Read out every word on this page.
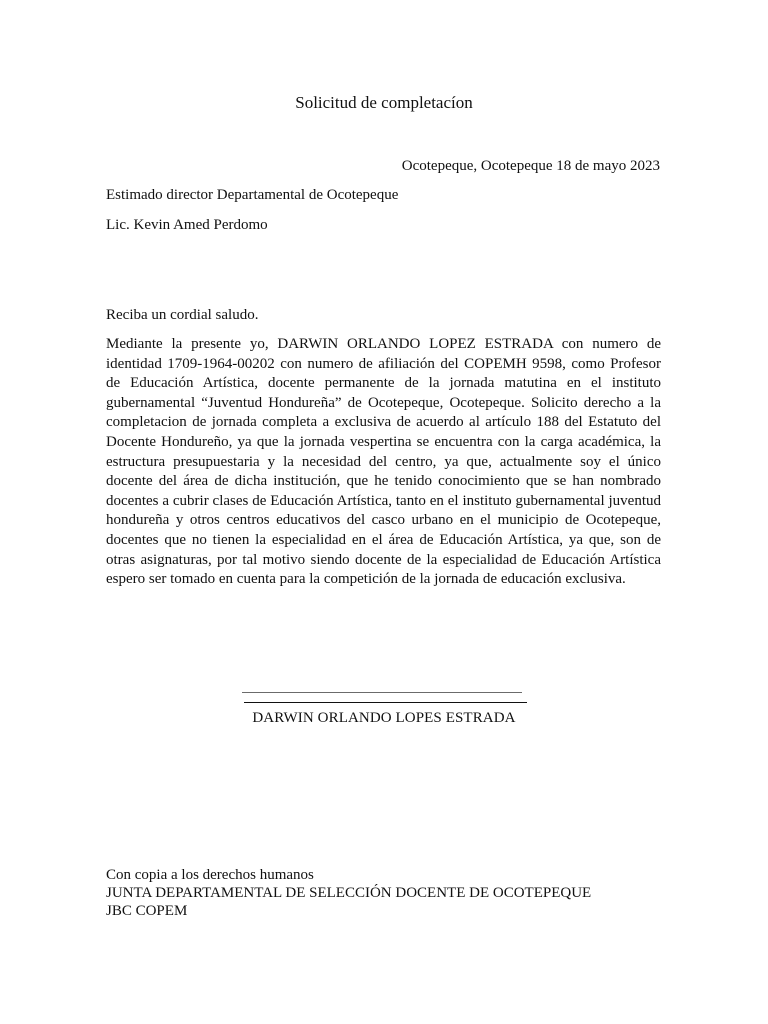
Solicitud de completacíon
Ocotepeque, Ocotepeque 18 de mayo 2023
Estimado director Departamental de Ocotepeque
Lic. Kevin Amed Perdomo
Reciba un cordial saludo.

Mediante la presente yo, DARWIN ORLANDO LOPEZ ESTRADA con numero de identidad 1709-1964-00202 con numero de afiliación del COPEMH 9598, como Profesor de Educación Artística, docente permanente de la jornada matutina en el instituto gubernamental “Juventud Hondureña” de Ocotepeque, Ocotepeque. Solicito derecho a la completacion de jornada completa a exclusiva de acuerdo al artículo 188 del Estatuto del Docente Hondureño, ya que la jornada vespertina se encuentra con la carga académica, la estructura presupuestaria y la necesidad del centro, ya que, actualmente soy el único docente del área de dicha institución, que he tenido conocimiento que se han nombrado docentes a cubrir clases de Educación Artística, tanto en el instituto gubernamental juventud hondureña y otros centros educativos del casco urbano en el municipio de Ocotepeque, docentes que no tienen la especialidad en el área de Educación Artística, ya que, son de otras asignaturas, por tal motivo siendo docente de la especialidad de Educación Artística espero ser tomado en cuenta para la competición de la jornada de educación exclusiva.

DARWIN ORLANDO LOPES ESTRADA
Con copia a los derechos humanos
JUNTA DEPARTAMENTAL DE SELECCIÓN DOCENTE DE OCOTEPEQUE
JBC COPEM
